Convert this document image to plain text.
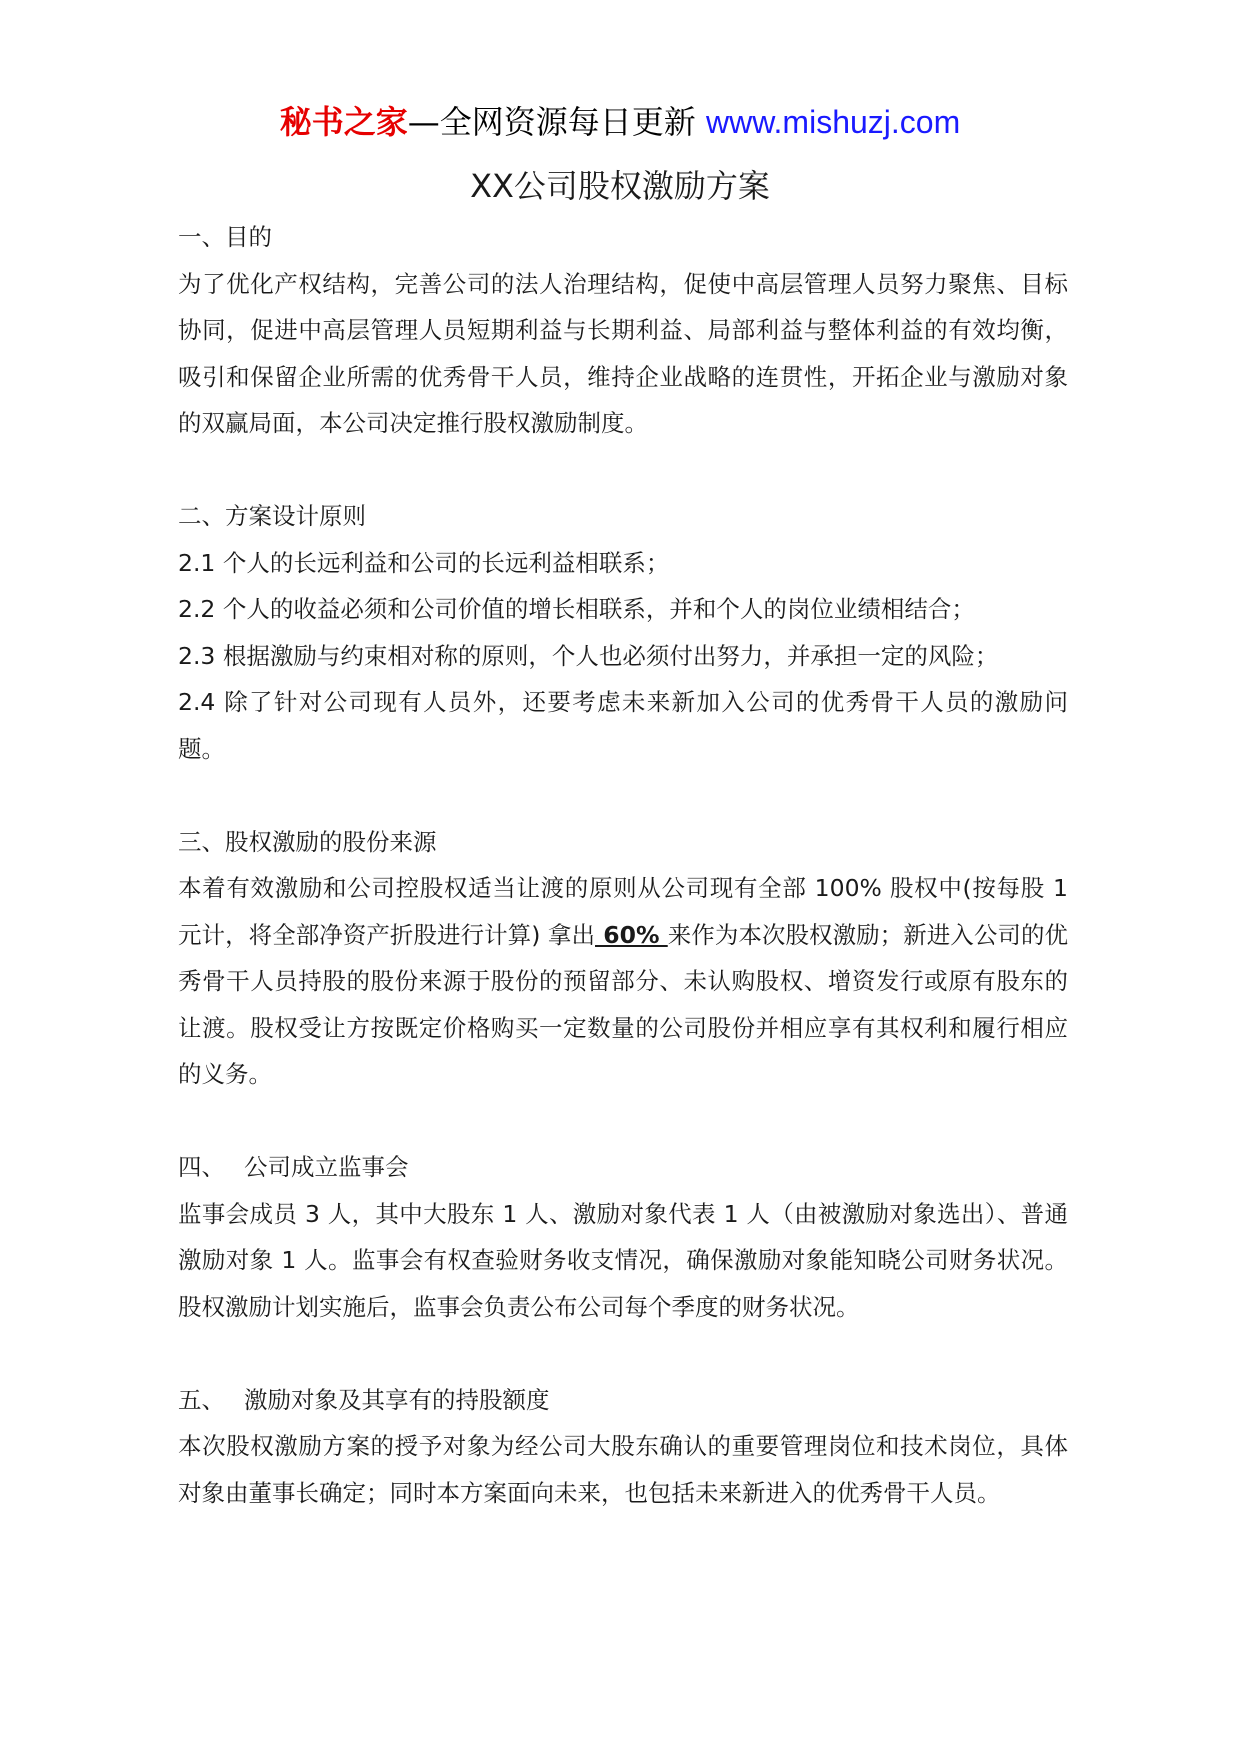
秘书之家—全网资源每日更新 www.mishuzj.com
XX公司股权激励方案

一、目的

为了优化产权结构，完善公司的法人治理结构，促使中高层管理人员努力聚焦、目标协同，促进中高层管理人员短期利益与长期利益、局部利益与整体利益的有效均衡，吸引和保留企业所需的优秀骨干人员，维持企业战略的连贯性，开拓企业与激励对象的双赢局面，本公司决定推行股权激励制度。

二、方案设计原则

2.1 个人的长远利益和公司的长远利益相联系；

2.2 个人的收益必须和公司价值的增长相联系，并和个人的岗位业绩相结合；

2.3 根据激励与约束相对称的原则，个人也必须付出努力，并承担一定的风险；

2.4 除了针对公司现有人员外，还要考虑未来新加入公司的优秀骨干人员的激励问题。

三、股权激励的股份来源

本着有效激励和公司控股权适当让渡的原则从公司现有全部 100% 股权中(按每股 1 元计，将全部净资产折股进行计算) 拿出 60% 来作为本次股权激励；新进入公司的优秀骨干人员持股的股份来源于股份的预留部分、未认购股权、增资发行或原有股东的让渡。股权受让方按既定价格购买一定数量的公司股份并相应享有其权利和履行相应的义务。

四、 公司成立监事会

监事会成员 3 人，其中大股东 1 人、激励对象代表 1 人（由被激励对象选出）、普通激励对象 1 人。监事会有权查验财务收支情况，确保激励对象能知晓公司财务状况。股权激励计划实施后，监事会负责公布公司每个季度的财务状况。

五、 激励对象及其享有的持股额度

本次股权激励方案的授予对象为经公司大股东确认的重要管理岗位和技术岗位，具体对象由董事长确定；同时本方案面向未来，也包括未来新进入的优秀骨干人员。
